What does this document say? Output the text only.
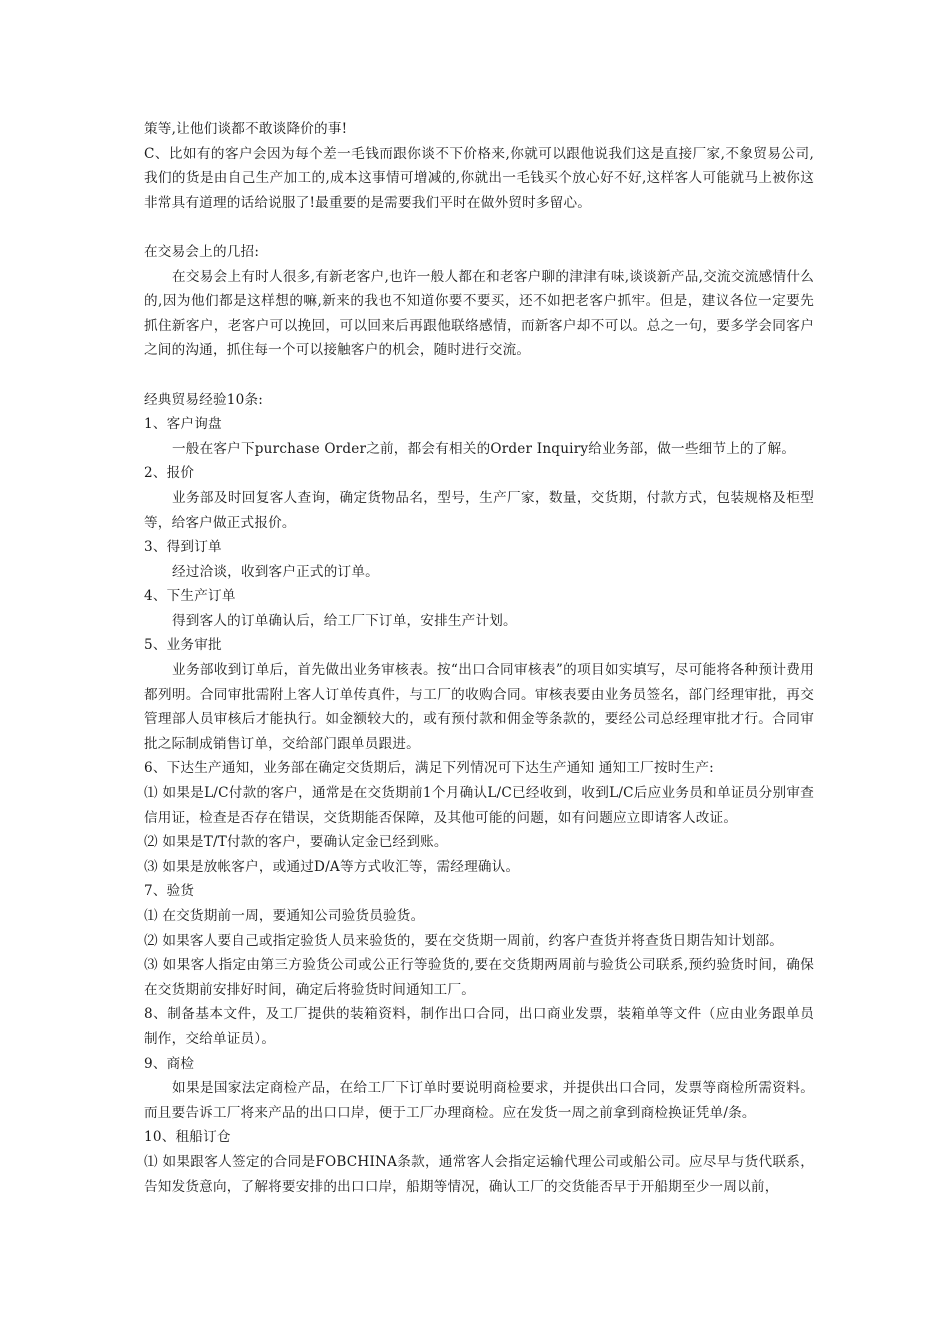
策等,让他们谈都不敢谈降价的事!

C、比如有的客户会因为每个差一毛钱而跟你谈不下价格来,你就可以跟他说我们这是直接厂家,不象贸易公司,我们的货是由自己生产加工的,成本这事情可增减的,你就出一毛钱买个放心好不好,这样客人可能就马上被你这非常具有道理的话给说服了!最重要的是需要我们平时在做外贸时多留心。

在交易会上的几招:

在交易会上有时人很多,有新老客户,也许一般人都在和老客户聊的津津有味,谈谈新产品,交流交流感情什么的,因为他们都是这样想的嘛,新来的我也不知道你要不要买，还不如把老客户抓牢。但是，建议各位一定要先抓住新客户，老客户可以挽回，可以回来后再跟他联络感情，而新客户却不可以。总之一句，要多学会同客户之间的沟通，抓住每一个可以接触客户的机会，随时进行交流。

经典贸易经验10条:

1、客户询盘

一般在客户下purchase Order之前，都会有相关的Order Inquiry给业务部，做一些细节上的了解。

2、报价

业务部及时回复客人查询，确定货物品名，型号，生产厂家，数量，交货期，付款方式，包装规格及柜型等，给客户做正式报价。

3、得到订单

经过洽谈，收到客户正式的订单。

4、下生产订单

得到客人的订单确认后，给工厂下订单，安排生产计划。

5、业务审批

业务部收到订单后，首先做出业务审核表。按“出口合同审核表”的项目如实填写，尽可能将各种预计费用都列明。合同审批需附上客人订单传真件，与工厂的收购合同。审核表要由业务员签名，部门经理审批，再交管理部人员审核后才能执行。如金额较大的，或有预付款和佣金等条款的，要经公司总经理审批才行。合同审批之际制成销售订单，交给部门跟单员跟进。

6、下达生产通知，业务部在确定交货期后，满足下列情况可下达生产通知 通知工厂按时生产:

⑴ 如果是L/C付款的客户，通常是在交货期前1个月确认L/C已经收到，收到L/C后应业务员和单证员分别审查信用证，检查是否存在错误，交货期能否保障，及其他可能的问题，如有问题应立即请客人改证。

⑵ 如果是T/T付款的客户，要确认定金已经到账。

⑶ 如果是放帐客户，或通过D/A等方式收汇等，需经理确认。

7、验货

⑴ 在交货期前一周，要通知公司验货员验货。

⑵ 如果客人要自己或指定验货人员来验货的，要在交货期一周前，约客户查货并将查货日期告知计划部。

⑶ 如果客人指定由第三方验货公司或公正行等验货的,要在交货期两周前与验货公司联系,预约验货时间，确保在交货期前安排好时间，确定后将验货时间通知工厂。

8、制备基本文件，及工厂提供的装箱资料，制作出口合同，出口商业发票，装箱单等文件（应由业务跟单员制作，交给单证员）。

9、商检

如果是国家法定商检产品，在给工厂下订单时要说明商检要求，并提供出口合同，发票等商检所需资料。而且要告诉工厂将来产品的出口口岸，便于工厂办理商检。应在发货一周之前拿到商检换证凭单/条。

10、租船订仓

⑴ 如果跟客人签定的合同是FOBCHINA条款，通常客人会指定运输代理公司或船公司。应尽早与货代联系，告知发货意向，了解将要安排的出口口岸，船期等情况，确认工厂的交货能否早于开船期至少一周以前，
